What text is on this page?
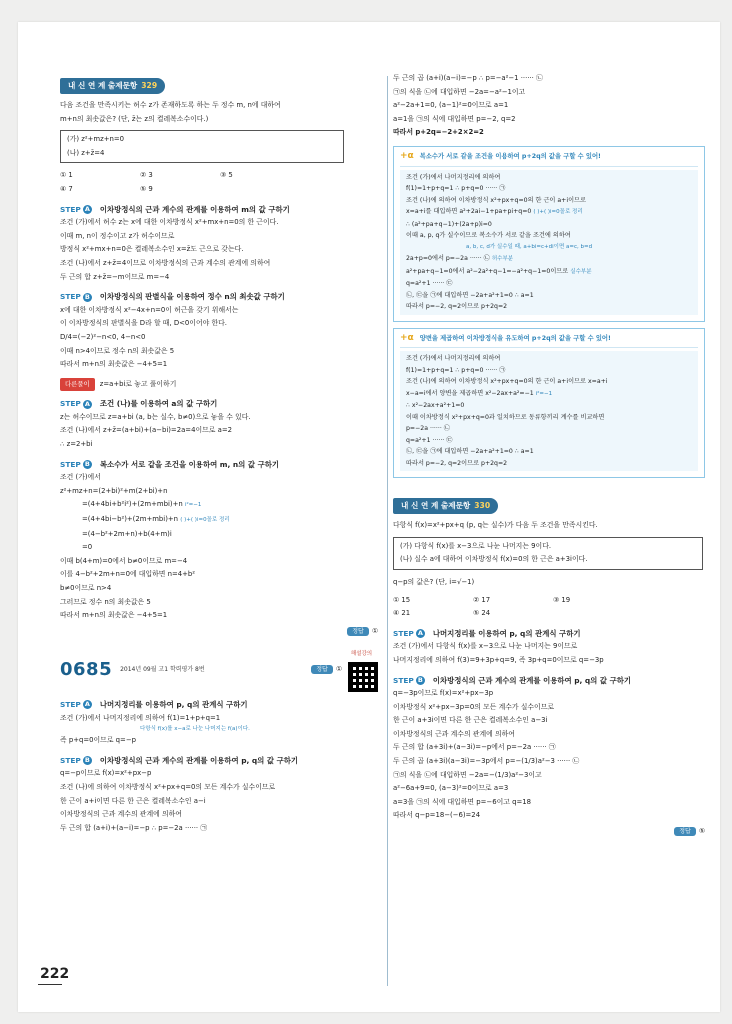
내 신 연 계 출제문항 329
다음 조건을 만족시키는 허수 z가 존재하도록 하는 두 정수 m, n에 대하여
m+n의 최솟값은? (단, z̄는 z의 켤레복소수이다.)
(가) z²+mz+n=0
(나) z+z̄=4
① 1	② 3	③ 5
④ 7	⑤ 9
STEP A 이차방정식의 근과 계수의 관계를 이용하여 m의 값 구하기
조건 (가)에서 허수 z는 x에 대한 이차방정식 x²+mx+n=0의 한 근이다.
이때 m, n이 정수이고 z가 허수이므로
방정식 x²+mx+n=0은 켤레복소수인 x=z̄도 근으로 갖는다.
조건 (나)에서 z+z̄=4이므로 이차방정식의 근과 계수의 관계에 의하여
두 근의 합 z+z̄=−m이므로 m=−4
STEP B 이차방정식의 판별식을 이용하여 정수 n의 최솟값 구하기
x에 대한 이차방정식 x²−4x+n=0이 허근을 갖기 위해서는
이 이차방정식의 판별식을 D라 할 때, D<0이어야 한다.
D/4=(−2)²−n<0, 4−n<0
이때 n>4이므로 정수 n의 최솟값은 5
따라서 m+n의 최솟값은 −4+5=1
다른풀이 z=a+bi로 놓고 풀이하기
STEP A 조건 (나)를 이용하여 a의 값 구하기
z는 허수이므로 z=a+bi (a, b는 실수, b≠0)으로 놓을 수 있다.
조건 (나)에서 z+z̄=(a+bi)+(a−bi)=2a=4이므로 a=2
∴ z=2+bi
STEP B 복소수가 서로 같을 조건을 이용하여 m, n의 값 구하기
조건 (가)에서
z²+mz+n=(2+bi)²+m(2+bi)+n
=(4+4bi+b²i²)+(2m+mbi)+n i²=−1
=(4+4bi−b²)+(2m+mbi)+n ( )+( )i=0꼴로 정리
=(4−b²+2m+n)+b(4+m)i
=0
이때 b(4+m)=0에서 b≠0이므로 m=−4
이를 4−b²+2m+n=0에 대입하면 n=4+b²
b≠0이므로 n>4
그러므로 정수 n의 최솟값은 5
따라서 m+n의 최솟값은 −4+5=1
정답 ①
0685 2014년 09월 고1 학력평가 8번	정답 ①
해설강의
STEP A 나머지정리를 이용하여 p, q의 관계식 구하기
조건 (가)에서 나머지정리에 의하여 f(1)=1+p+q=1
다항식 f(x)를 x−a로 나눈 나머지는 f(a)이다.
즉 p+q=0이므로 q=−p
STEP B 이차방정식의 근과 계수의 관계를 이용하여 p, q의 값 구하기
q=−p이므로 f(x)=x²+px−p
조건 (나)에 의하여 이차방정식 x²+px+q=0의 모든 계수가 실수이므로
한 근이 a+i이면 다른 한 근은 켤레복소수인 a−i
이차방정식의 근과 계수의 관계에 의하여
두 근의 합 (a+i)+(a−i)=−p ∴ p=−2a ······ ㉠
두 근의 곱 (a+i)(a−i)=−p ∴ p=−a²−1 ······ ㉡
㉠의 식을 ㉡에 대입하면 −2a=−a²−1이고
a²−2a+1=0, (a−1)²=0이므로 a=1
a=1을 ㉠의 식에 대입하면 p=−2, q=2
따라서 p+2q=−2+2×2=2
+α 복소수가 서로 같을 조건을 이용하여 p+2q의 값을 구할 수 있어!
조건 (가)에서 나머지정리에 의하여
f(1)=1+p+q=1 ∴ p+q=0 ······ ㉠
조건 (나)에 의하여 이차방정식 x²+px+q=0의 한 근이 a+i이므로
x=a+i를 대입하면 a²+2ai−1+pa+pi+q=0 ( )+( )i=0꼴로 정리
∴ (a²+pa+q−1)+(2a+p)i=0
이때 a, p, q가 실수이므로 복소수가 서로 같을 조건에 의하여
a, b, c, d가 실수일 때, a+bi=c+di이면 a=c, b=d
2a+p=0에서 p=−2a ······ ㉡ 허수부분
a²+pa+q−1=0에서 a²−2a²+q−1=−a²+q−1=0이므로 실수부분
q=a²+1 ······ ㉢
㉡, ㉢을 ㉠에 대입하면 −2a+a²+1=0 ∴ a=1
따라서 p=−2, q=2이므로 p+2q=2
+α 양변을 제곱하여 이차방정식을 유도하여 p+2q의 값을 구할 수 있어!
조건 (가)에서 나머지정리에 의하여
f(1)=1+p+q=1 ∴ p+q=0 ······ ㉠
조건 (나)에 의하여 이차방정식 x²+px+q=0의 한 근이 a+i이므로 x=a+i
x−a=i에서 양변을 제곱하면 x²−2ax+a²=−1 i²=−1
∴ x²−2ax+a²+1=0
이때 이차방정식 x²+px+q=0과 일치하므로 동류항끼리 계수를 비교하면
p=−2a ······ ㉡
q=a²+1 ······ ㉢
㉡, ㉢을 ㉠에 대입하면 −2a+a²+1=0 ∴ a=1
따라서 p=−2, q=2이므로 p+2q=2
내 신 연 계 출제문항 330
다항식 f(x)=x²+px+q (p, q는 실수)가 다음 두 조건을 만족시킨다.
(가) 다항식 f(x)를 x−3으로 나눈 나머지는 9이다.
(나) 실수 a에 대하여 이차방정식 f(x)=0의 한 근은 a+3i이다.
q−p의 값은? (단, i=√−1)
① 15	② 17	③ 19
④ 21	⑤ 24
STEP A 나머지정리를 이용하여 p, q의 관계식 구하기
조건 (가)에서 다항식 f(x)를 x−3으로 나눈 나머지는 9이므로
나머지정리에 의하여 f(3)=9+3p+q=9, 즉 3p+q=0이므로 q=−3p
STEP B 이차방정식의 근과 계수의 관계를 이용하여 p, q의 값 구하기
q=−3p이므로 f(x)=x²+px−3p
이차방정식 x²+px−3p=0의 모든 계수가 실수이므로
한 근이 a+3i이면 다른 한 근은 켤레복소수인 a−3i
이차방정식의 근과 계수의 관계에 의하여
두 근의 합 (a+3i)+(a−3i)=−p에서 p=−2a ······ ㉠
두 근의 곱 (a+3i)(a−3i)=−3p에서 p=−(1/3)a²−3 ······ ㉡
㉠의 식을 ㉡에 대입하면 −2a=−(1/3)a²−3이고
a²−6a+9=0, (a−3)²=0이므로 a=3
a=3을 ㉠의 식에 대입하면 p=−6이고 q=18
따라서 q−p=18−(−6)=24
정답 ⑤
222
